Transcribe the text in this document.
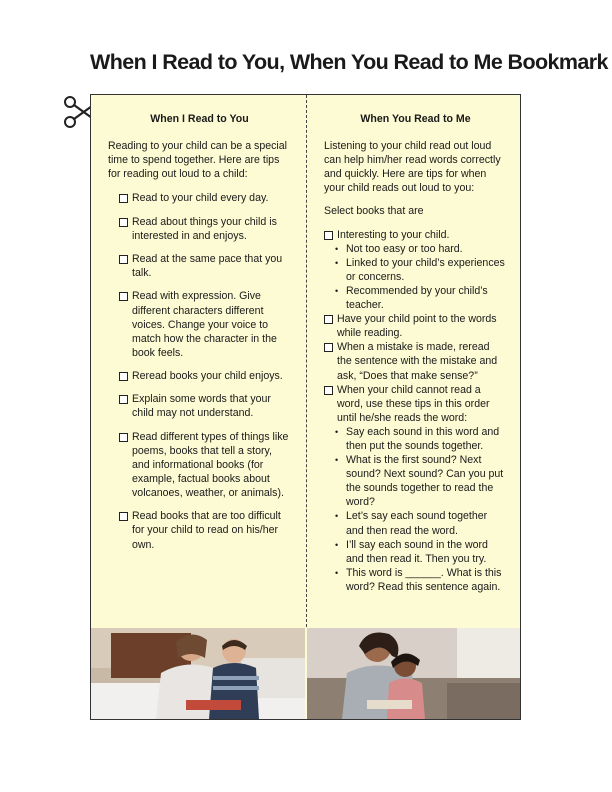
When I Read to You, When You Read to Me Bookmark
When I Read to You
Reading to your child can be a special time to spend together. Here are tips for reading out loud to a child:
Read to your child every day.
Read about things your child is interested in and enjoys.
Read at the same pace that you talk.
Read with expression. Give different characters different voices. Change your voice to match how the character in the book feels.
Reread books your child enjoys.
Explain some words that your child may not understand.
Read different types of things like poems, books that tell a story, and informational books (for example, factual books about volcanoes, weather, or animals).
Read books that are too difficult for your child to read on his/her own.
When You Read to Me
Listening to your child read out loud can help him/her read words correctly and quickly. Here are tips for when your child reads out loud to you:
Select books that are
Interesting to your child.
• Not too easy or too hard.
• Linked to your child’s experiences or concerns.
• Recommended by your child’s teacher.
Have your child point to the words while reading.
When a mistake is made, reread the sentence with the mistake and ask, “Does that make sense?”
When your child cannot read a word, use these tips in this order until he/she reads the word:
• Say each sound in this word and then put the sounds together.
• What is the first sound? Next sound? Next sound? Can you put the sounds together to read the word?
• Let’s say each sound together and then read the word.
• I’ll say each sound in the word and then read it. Then you try.
• This word is ______. What is this word? Read this sentence again.
